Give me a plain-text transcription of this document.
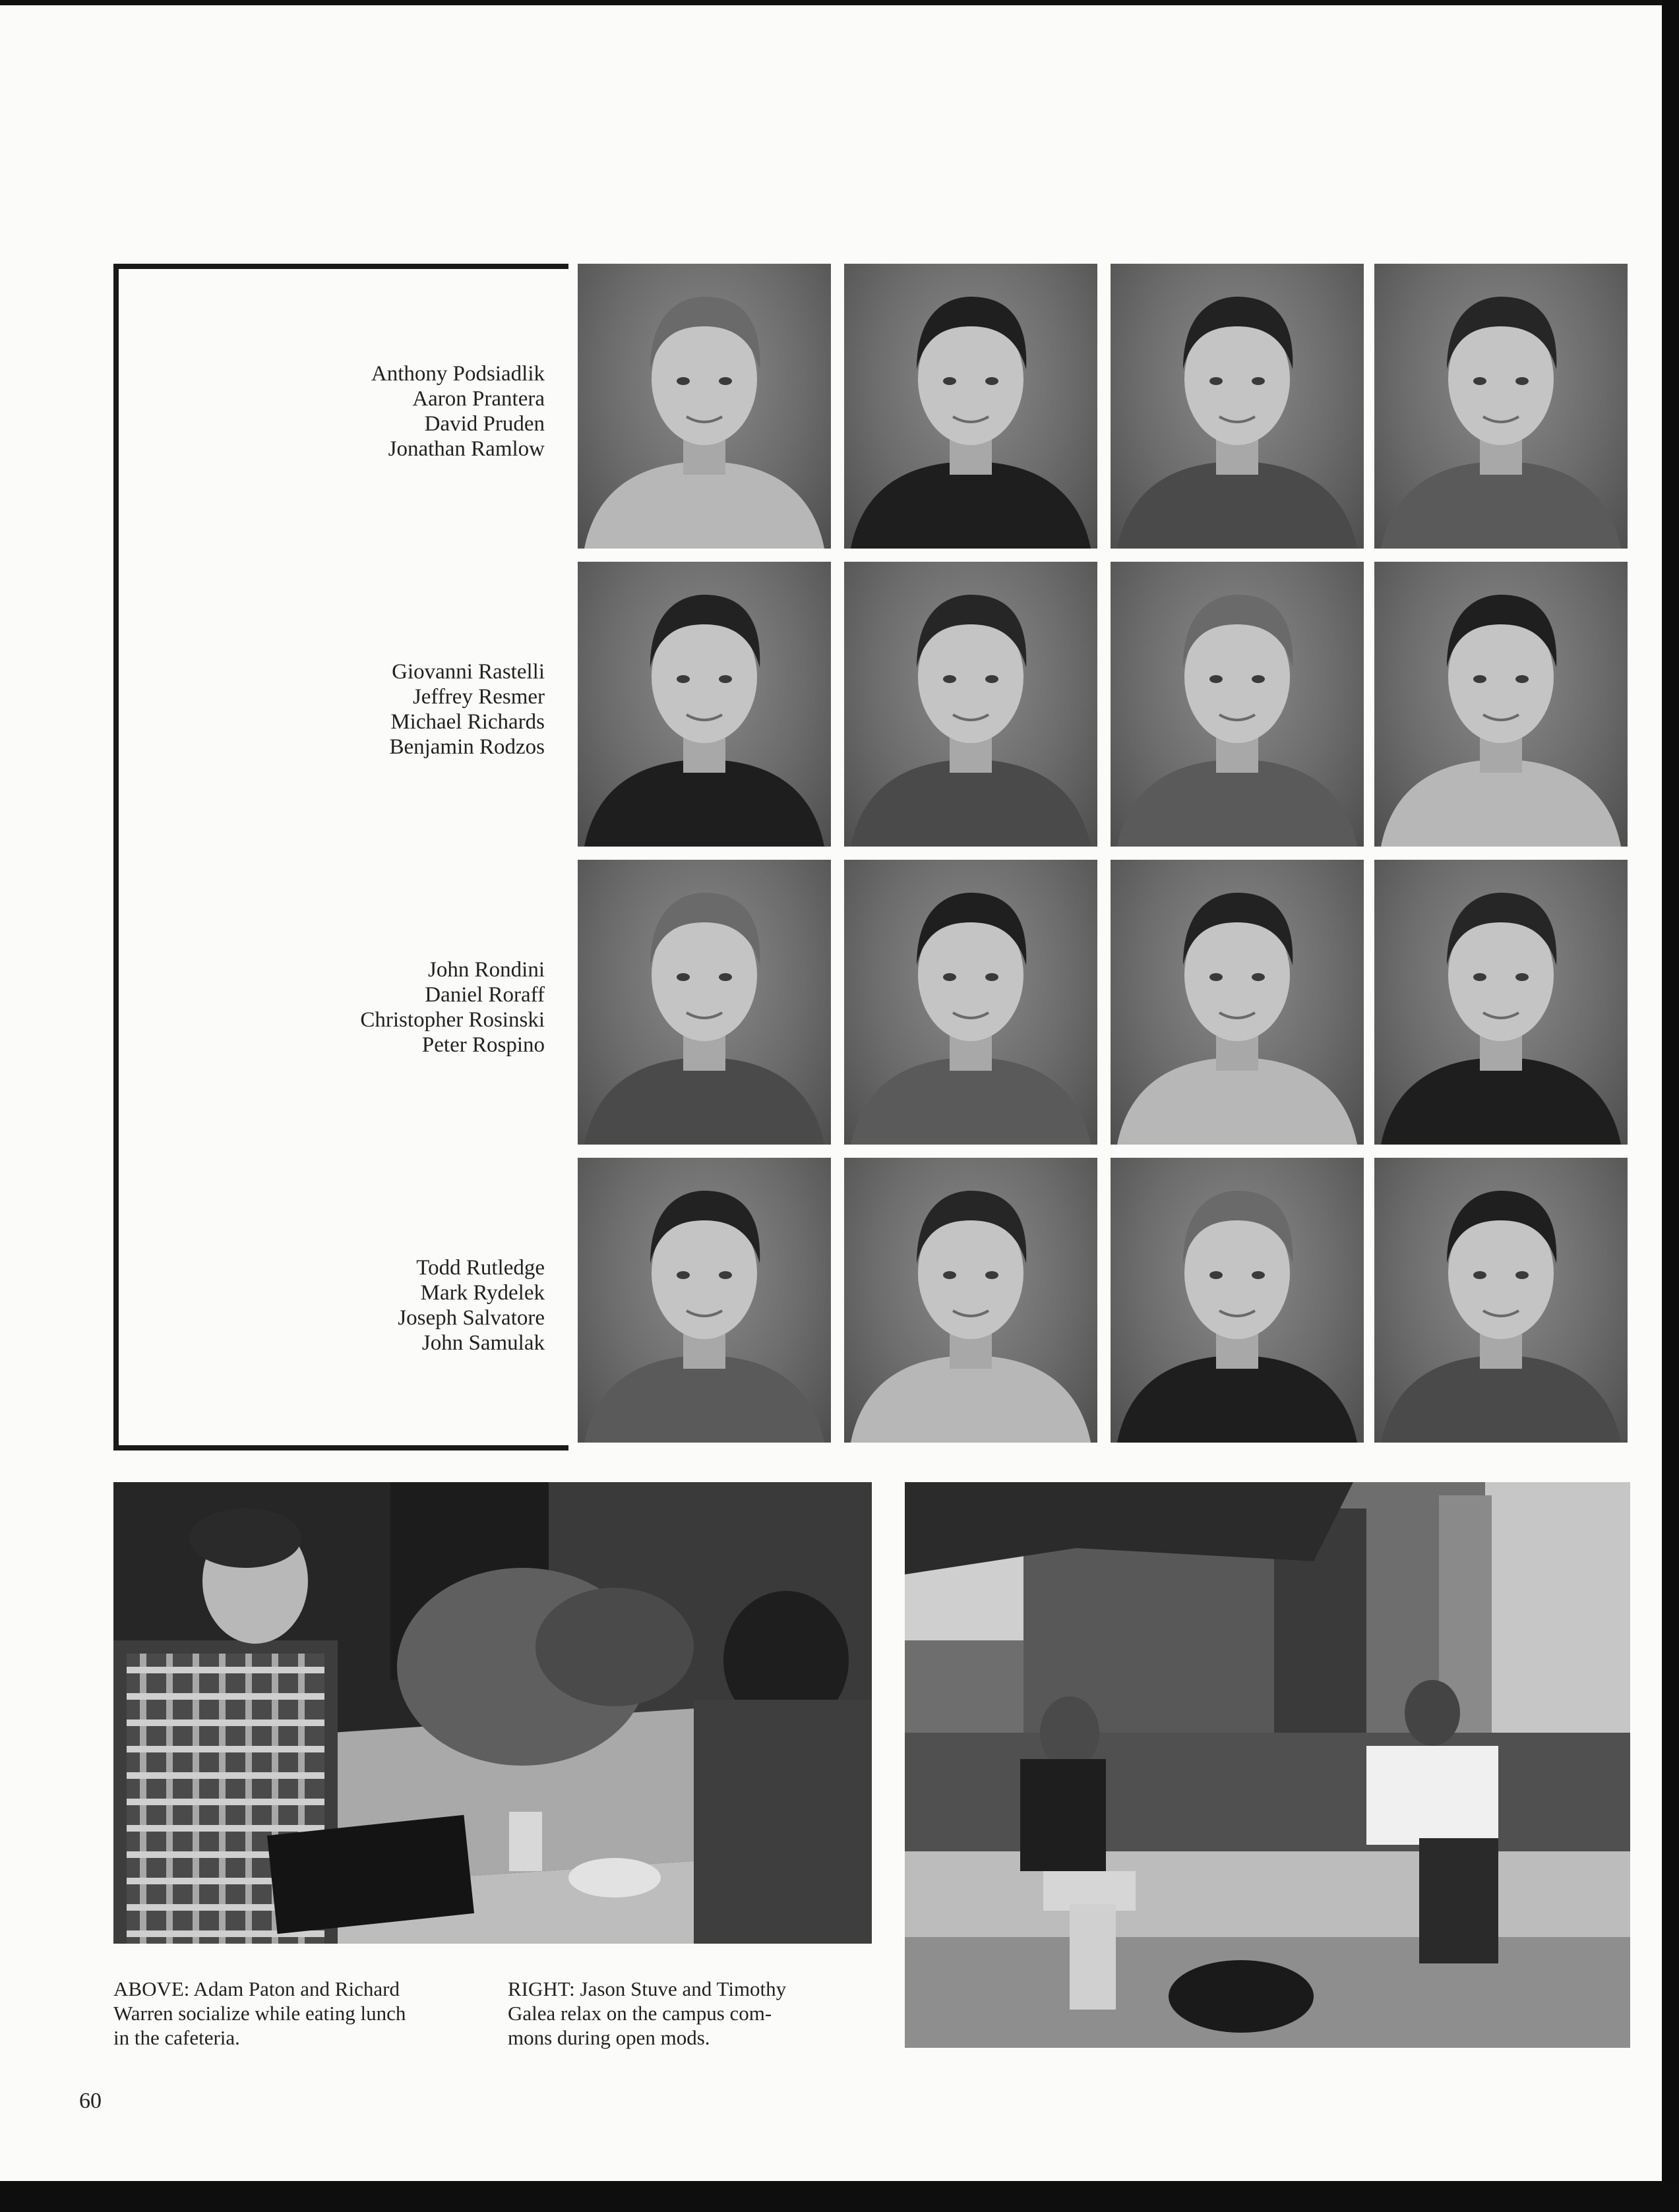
Anthony Podsiadlik
Aaron Prantera
David Pruden
Jonathan Ramlow
Giovanni Rastelli
Jeffrey Resmer
Michael Richards
Benjamin Rodzos
John Rondini
Daniel Roraff
Christopher Rosinski
Peter Rospino
Todd Rutledge
Mark Rydelek
Joseph Salvatore
John Samulak
ABOVE: Adam Paton and Richard
Warren socialize while eating lunch
in the cafeteria.
RIGHT: Jason Stuve and Timothy
Galea relax on the campus com-
mons during open mods.
60
